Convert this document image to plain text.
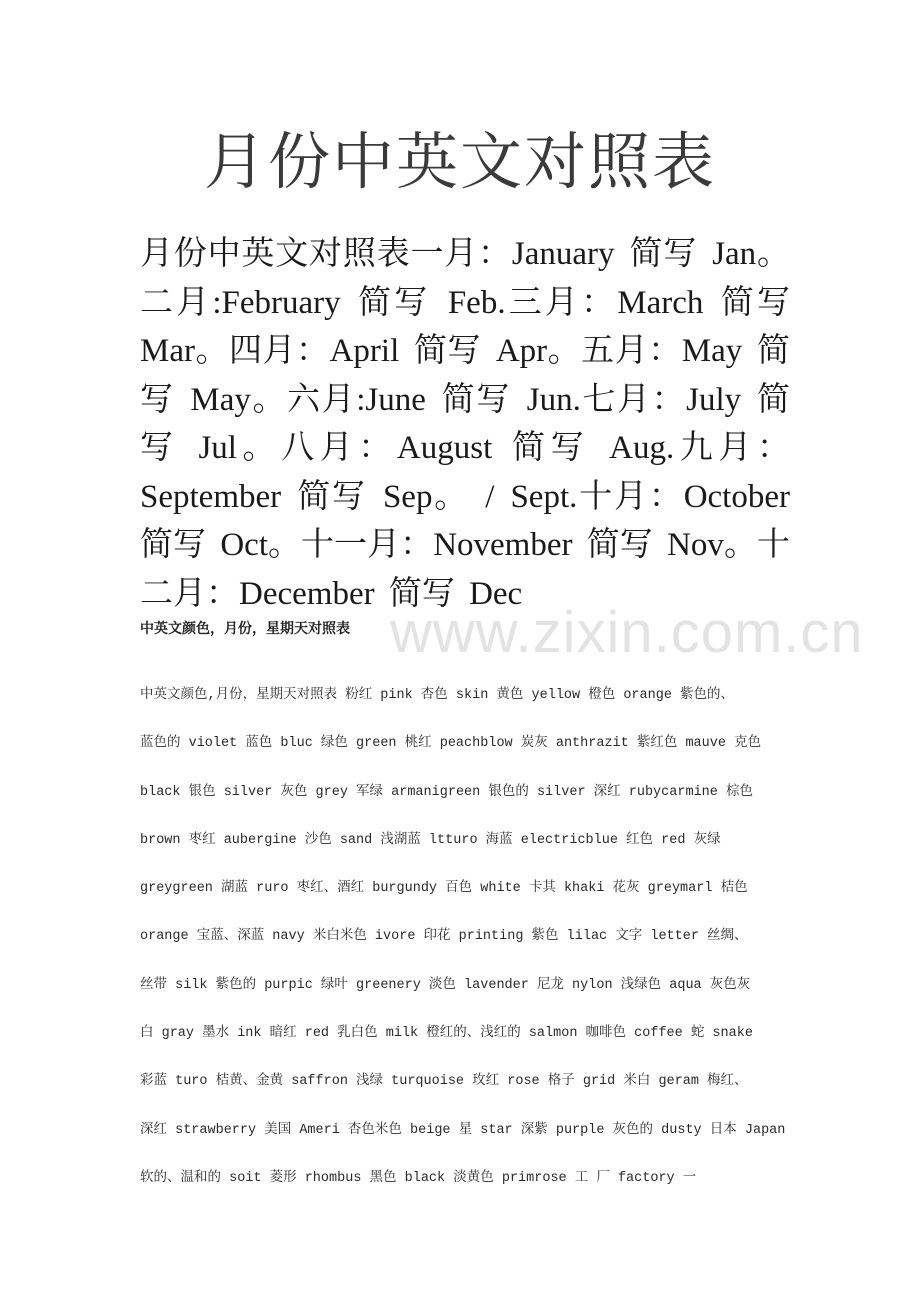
www.zixin.com.cn
月份中英文对照表

月份中英文对照表一月：January 简写 Jan。二月:February 简写 Feb.三月：March 简写 Mar。四月：April 简写 Apr。五月：May 简写 May。六月:June 简写 Jun.七月：July 简写 Jul。八月：August 简写 Aug.九月：September 简写 Sep。 / Sept.十月：October 简写 Oct。十一月：November 简写 Nov。十二月：December 简写 Dec

中英文颜色，月份，星期天对照表
中英文颜色,月份，星期天对照表 粉红 pink 杏色 skin 黄色 yellow 橙色 orange 紫色的、
蓝色的 violet 蓝色 bluc 绿色 green 桃红 peachblow 炭灰 anthrazit 紫红色 mauve 克色
black 银色 silver 灰色 grey 军绿 armanigreen 银色的 silver 深红 rubycarmine 棕色
brown 枣红 aubergine 沙色 sand 浅湖蓝 ltturo 海蓝 electricblue 红色 red 灰绿
greygreen 湖蓝 ruro 枣红、酒红 burgundy 百色 white 卡其 khaki 花灰 greymarl 桔色
orange 宝蓝、深蓝 navy 米白米色 ivore 印花 printing 紫色 lilac 文字 letter 丝绸、
丝带 silk 紫色的 purpic 绿叶 greenery 淡色 lavender 尼龙 nylon 浅绿色 aqua 灰色灰
白 gray 墨水 ink 暗红 red 乳白色 milk 橙红的、浅红的 salmon 咖啡色 coffee 蛇 snake
彩蓝 turo 桔黄、金黄 saffron 浅绿 turquoise 玫红 rose 格子 grid 米白 geram 梅红、
深红 strawberry 美国 Ameri 杏色米色 beige 星 star 深紫 purple 灰色的 dusty 日本 Japan
软的、温和的 soit 菱形 rhombus 黑色 black 淡黄色 primrose 工 厂 factory 一
